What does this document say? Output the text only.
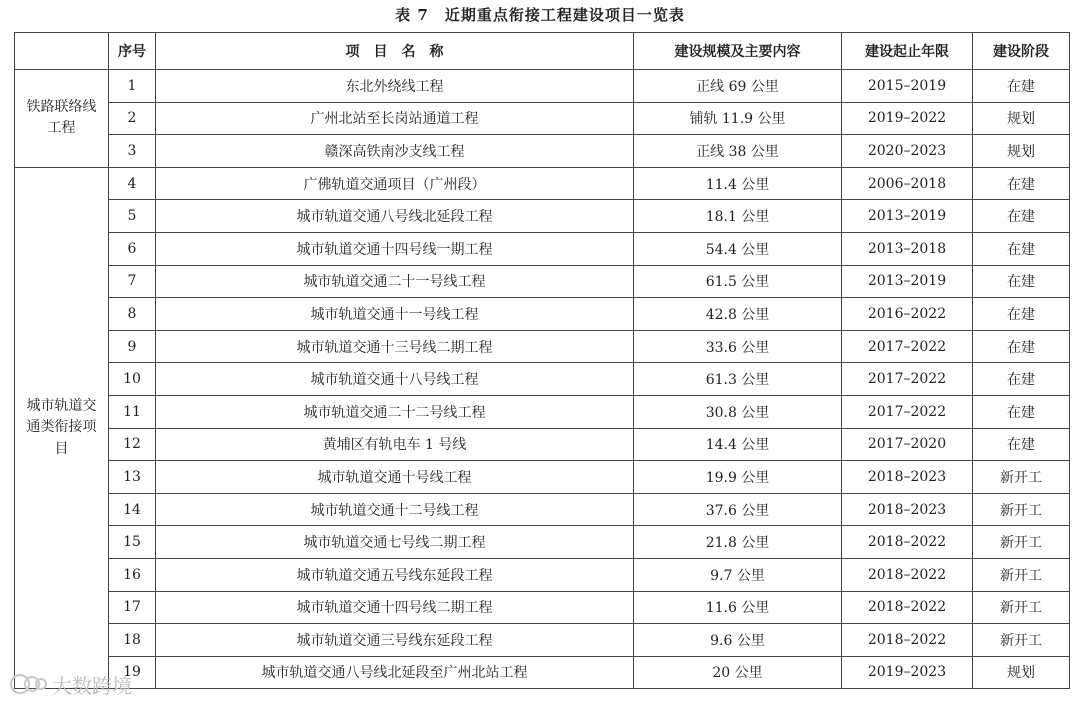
表 7　近期重点衔接工程建设项目一览表
	序号	项　目　名　称	建设规模及主要内容	建设起止年限	建设阶段
铁路联络线工程	1	东北外绕线工程	正线 69 公里	2015–2019	在建
	2	广州北站至长岗站通道工程	铺轨 11.9 公里	2019–2022	规划
	3	赣深高铁南沙支线工程	正线 38 公里	2020–2023	规划
城市轨道交通类衔接项目	4	广佛轨道交通项目（广州段）	11.4 公里	2006–2018	在建
	5	城市轨道交通八号线北延段工程	18.1 公里	2013–2019	在建
	6	城市轨道交通十四号线一期工程	54.4 公里	2013–2018	在建
	7	城市轨道交通二十一号线工程	61.5 公里	2013–2019	在建
	8	城市轨道交通十一号线工程	42.8 公里	2016–2022	在建
	9	城市轨道交通十三号线二期工程	33.6 公里	2017–2022	在建
	10	城市轨道交通十八号线工程	61.3 公里	2017–2022	在建
	11	城市轨道交通二十二号线工程	30.8 公里	2017–2022	在建
	12	黄埔区有轨电车 1 号线	14.4 公里	2017–2020	在建
	13	城市轨道交通十号线工程	19.9 公里	2018–2023	新开工
	14	城市轨道交通十二号线工程	37.6 公里	2018–2023	新开工
	15	城市轨道交通七号线二期工程	21.8 公里	2018–2022	新开工
	16	城市轨道交通五号线东延段工程	9.7 公里	2018–2022	新开工
	17	城市轨道交通十四号线二期工程	11.6 公里	2018–2022	新开工
	18	城市轨道交通三号线东延段工程	9.6 公里	2018–2022	新开工
	19	城市轨道交通八号线北延段至广州北站工程	20 公里	2019–2023	规划
大数跨境
